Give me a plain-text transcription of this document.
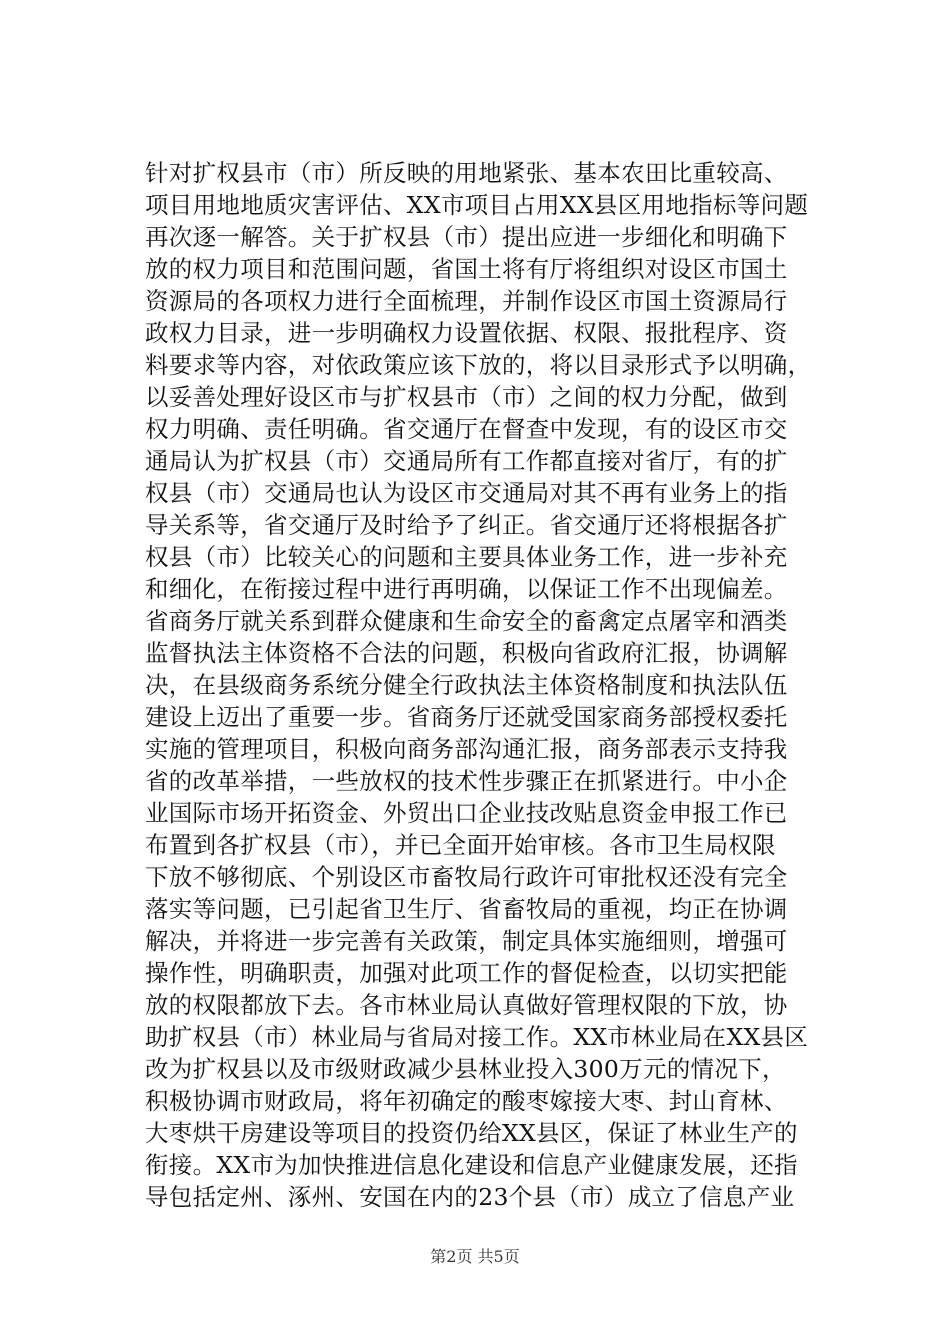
针对扩权县市（市）所反映的用地紧张、基本农田比重较高、
项目用地地质灾害评估、XX市项目占用XX县区用地指标等问题
再次逐一解答。关于扩权县（市）提出应进一步细化和明确下
放的权力项目和范围问题，省国土将有厅将组织对设区市国土
资源局的各项权力进行全面梳理，并制作设区市国土资源局行
政权力目录，进一步明确权力设置依据、权限、报批程序、资
料要求等内容，对依政策应该下放的，将以目录形式予以明确，
以妥善处理好设区市与扩权县市（市）之间的权力分配，做到
权力明确、责任明确。省交通厅在督查中发现，有的设区市交
通局认为扩权县（市）交通局所有工作都直接对省厅，有的扩
权县（市）交通局也认为设区市交通局对其不再有业务上的指
导关系等，省交通厅及时给予了纠正。省交通厅还将根据各扩
权县（市）比较关心的问题和主要具体业务工作，进一步补充
和细化，在衔接过程中进行再明确，以保证工作不出现偏差。
省商务厅就关系到群众健康和生命安全的畜禽定点屠宰和酒类
监督执法主体资格不合法的问题，积极向省政府汇报，协调解
决，在县级商务系统分健全行政执法主体资格制度和执法队伍
建设上迈出了重要一步。省商务厅还就受国家商务部授权委托
实施的管理项目，积极向商务部沟通汇报，商务部表示支持我
省的改革举措，一些放权的技术性步骤正在抓紧进行。中小企
业国际市场开拓资金、外贸出口企业技改贴息资金申报工作已
布置到各扩权县（市），并已全面开始审核。各市卫生局权限
下放不够彻底、个别设区市畜牧局行政许可审批权还没有完全
落实等问题，已引起省卫生厅、省畜牧局的重视，均正在协调
解决，并将进一步完善有关政策，制定具体实施细则，增强可
操作性，明确职责，加强对此项工作的督促检查，以切实把能
放的权限都放下去。各市林业局认真做好管理权限的下放，协
助扩权县（市）林业局与省局对接工作。XX市林业局在XX县区
改为扩权县以及市级财政减少县林业投入300万元的情况下，
积极协调市财政局，将年初确定的酸枣嫁接大枣、封山育林、
大枣烘干房建设等项目的投资仍给XX县区，保证了林业生产的
衔接。XX市为加快推进信息化建设和信息产业健康发展，还指
导包括定州、涿州、安国在内的23个县（市）成立了信息产业
第2页 共5页
